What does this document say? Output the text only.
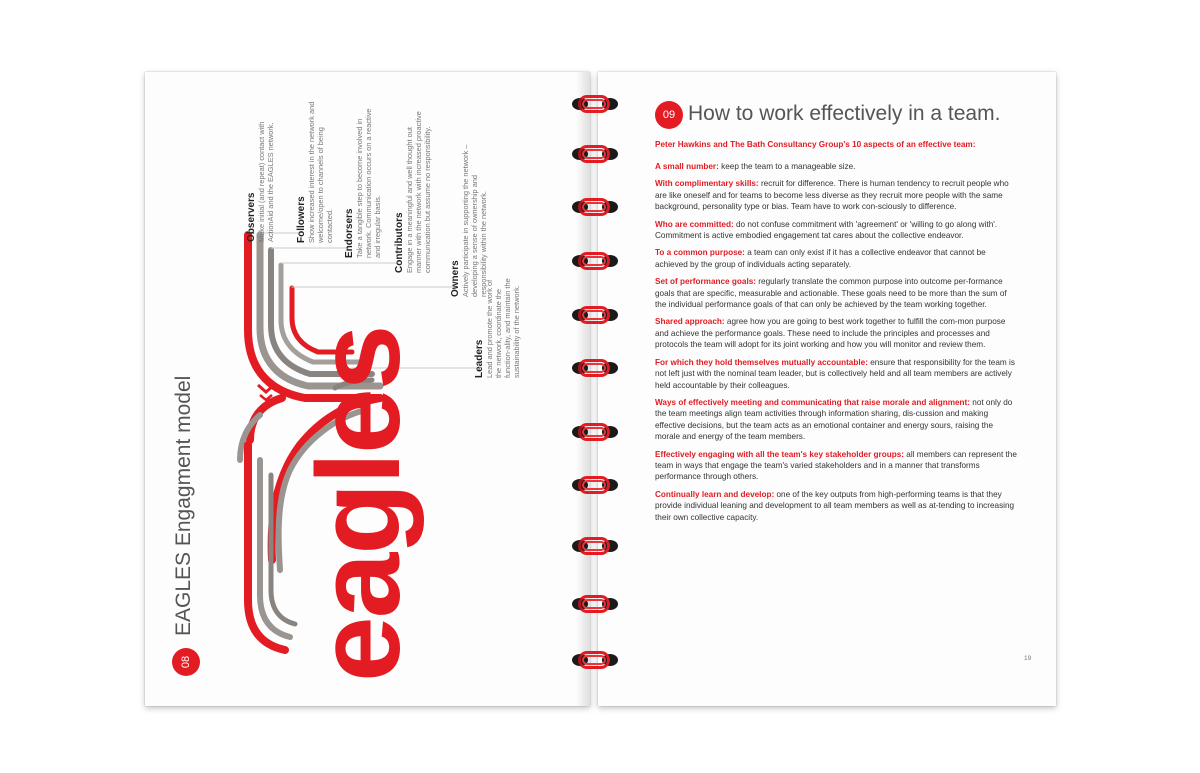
08
EAGLES Engagment model eagles
Observers Make initial (and repeat) contact with ActionAid and the EAGLES network. Followers Show increased interest in the network and welcome/open to channels of being contacted. Endorsers Take a tangible step to become involved in network. Communication occurs on a reactive and irregular basis. Contributors Engage in a meaningful and well thought out manner with the network with increased proactive communication but assume no responsibility.
Owners Actively participate in supporting the network – developing a sense of ownership and responsibility within the network.
Leaders Lead and promote the work of the network, coordinate the function-ality, and maintain the sustainability of the network.
09 How to work effectively in a team.
Peter Hawkins and The Bath Consultancy Group's 10 aspects of an effective team:

A small number: keep the team to a manageable size.

With complimentary skills: recruit for difference. There is human tendency to recruit people who are like oneself and for teams to become less diverse as they recruit more people with the same background, personality type or bias. Team have to work con-sciously to difference.

Who are committed: do not confuse commitment with 'agreement' or 'willing to go along with'. Commitment is active embodied engagement tat cares about the collective endeavor.

To a common purpose: a team can only exist if it has a collective endeavor that cannot be achieved by the group of individuals acting separately.

Set of performance goals: regularly translate the common purpose into outcome per-formance goals that are specific, measurable and actionable. These goals need to be more than the sum of the individual performance goals of that can only be achieved by the team working together.

Shared approach: agree how you are going to best work together to fulfill the com-mon purpose and achieve the performance goals. These need to include the principles and processes and protocols the team will adopt for its joint working and how you will monitor and review them.

For which they hold themselves mutually accountable: ensure that responsibility for the team is not left just with the nominal team leader, but is collectively held and all team members are actively held accountable by their colleagues.

Ways of effectively meeting and communicating that raise morale and alignment: not only do the team meetings align team activities through information sharing, dis-cussion and making effective decisions, but the team acts as an emotional container and energy sours, raising the morale and energy of the team members.

Effectively engaging with all the team's key stakeholder groups: all members can represent the team in ways that engage the team's varied stakeholders and in a manner that transforms performance through others.

Continually learn and develop: one of the key outputs from high-performing teams is that they provide individual leaning and development to all team members as well as at-tending to increasing their own collective capacity.

19
